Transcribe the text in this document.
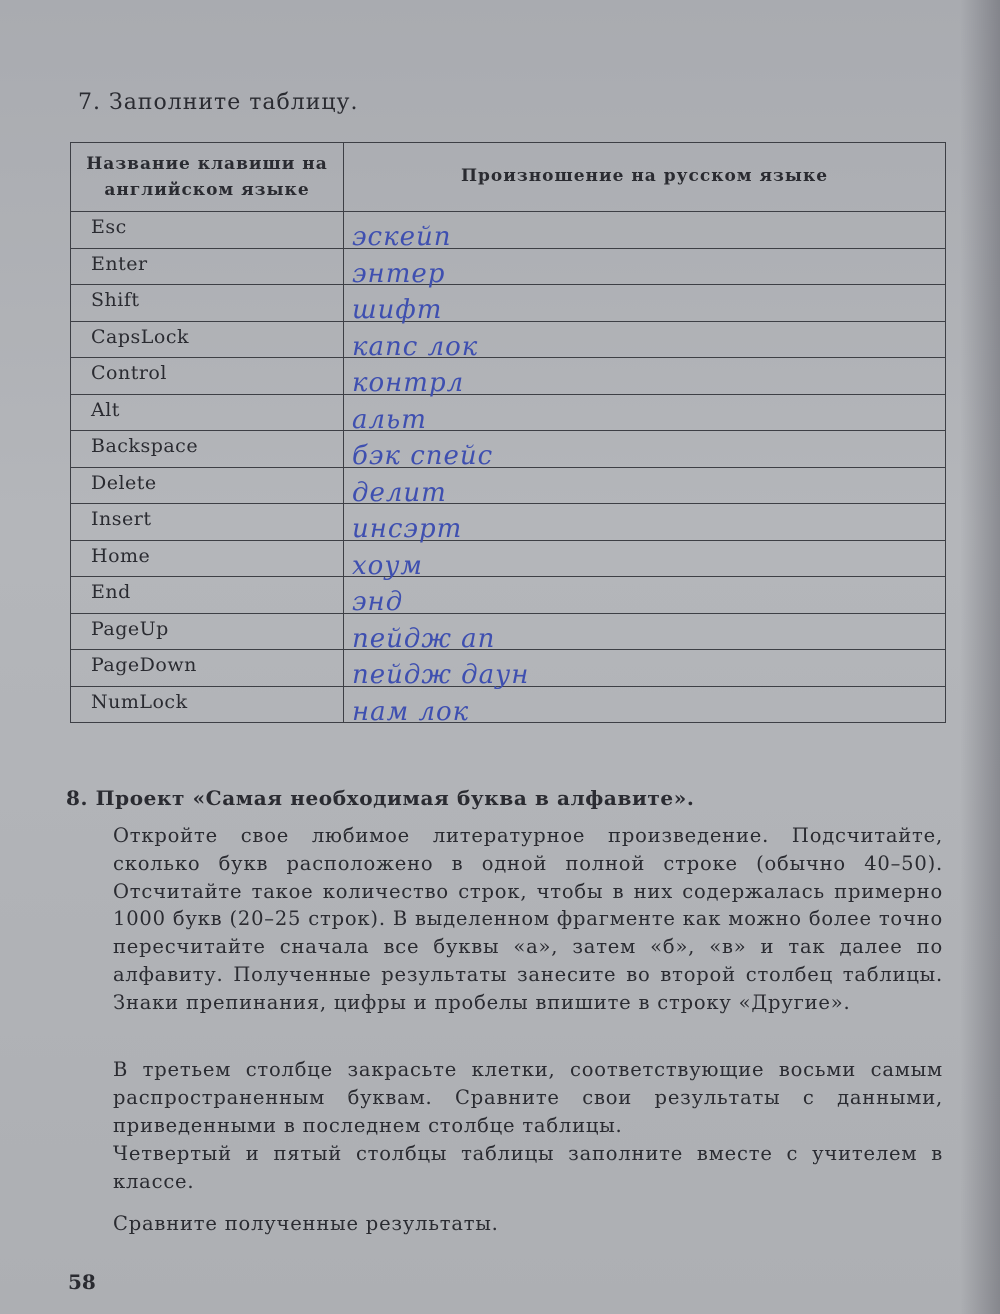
7. Заполните таблицу.
Название клавиши на английском языке	Произношение на русском языке
Esc	эскейп

Enter	энтер

Shift	шифт

CapsLock	капс лок

Control	контрл

Alt	альт

Backspace	бэк спейс

Delete	делит

Insert	инсэрт

Home	хоум

End	энд

PageUp	пейдж ап

PageDown	пейдж даун

NumLock	нам лок
8. Проект «Самая необходимая буква в алфавите».

Откройте свое любимое литературное произведение. Подсчитайте, сколько букв расположено в одной полной строке (обычно 40–50). Отсчитайте такое количество строк, чтобы в них содержалась примерно 1000 букв (20–25 строк). В выделенном фрагменте как можно более точно пересчитайте сначала все буквы «а», затем «б», «в» и так далее по алфавиту. Полученные результаты занесите во второй столбец таблицы. Знаки препинания, цифры и пробелы впишите в строку «Другие».

В третьем столбце закрасьте клетки, соответствующие восьми самым распространенным буквам. Сравните свои результаты с данными, приведенными в последнем столбце таблицы.

Четвертый и пятый столбцы таблицы заполните вместе с учителем в классе.

Сравните полученные результаты.

58
